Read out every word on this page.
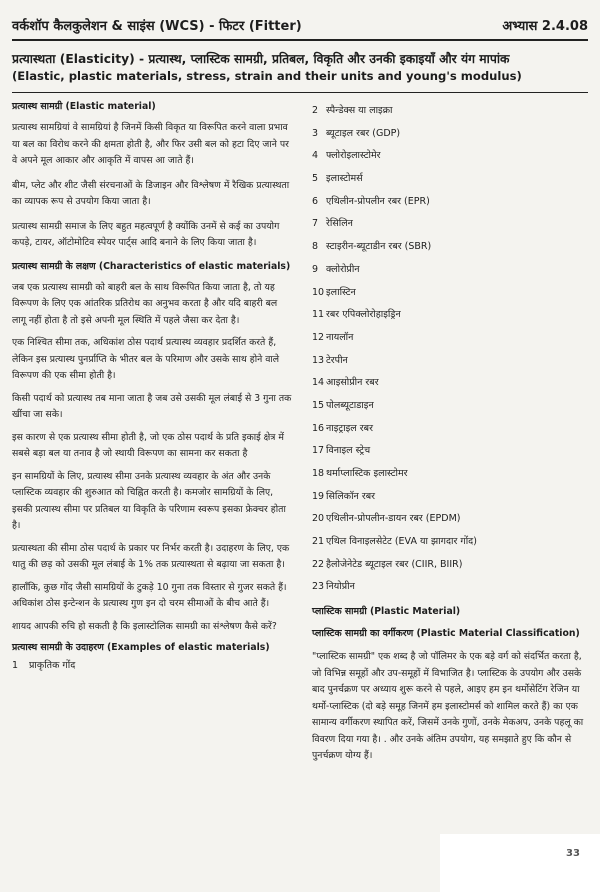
वर्कशॉप कैलकुलेशन & साइंस (WCS) - फिटर (Fitter)	अभ्यास 2.4.08
प्रत्यास्थता (Elasticity) - प्रत्यास्थ, प्लास्टिक सामग्री, प्रतिबल, विकृति और उनकी इकाइयाँ और यंग मापांक
(Elastic, plastic materials, stress, strain and their units and young's modulus)
प्रत्यास्थ सामग्री (Elastic material)
प्रत्यास्थ सामग्रियां वे सामग्रियां है जिनमें किसी विकृत या विरूपित करने वाला प्रभाव या बल का विरोध करने की क्षमता होती है, और फिर उसी बल को हटा दिए जाने पर वे अपने मूल आकार और आकृति में वापस आ जाते हैं।
बीम, प्लेट और शीट जैसी संरचनाओं के डिजाइन और विश्लेषण में रैखिक प्रत्यास्थता का व्यापक रूप से उपयोग किया जाता है।
प्रत्यास्थ सामग्री समाज के लिए बहुत महत्वपूर्ण है क्योंकि उनमें से कई का उपयोग कपड़े, टायर, ऑटोमोटिव स्पेयर पार्ट्स आदि बनाने के लिए किया जाता है।
प्रत्यास्थ सामग्री के लक्षण (Characteristics of elastic materials)
जब एक प्रत्यास्थ सामग्री को बाहरी बल के साथ विरूपित किया जाता है, तो यह विरूपण के लिए एक आंतरिक प्रतिरोध का अनुभव करता है और यदि बाहरी बल लागू नहीं होता है तो इसे अपनी मूल स्थिति में पहले जैसा कर देता है।
एक निश्चित सीमा तक, अधिकांश ठोस पदार्थ प्रत्यास्थ व्यवहार प्रदर्शित करते हैं, लेकिन इस प्रत्यास्थ पुनर्प्राप्ति के भीतर बल के परिमाण और उसके साथ होने वाले विरूपण की एक सीमा होती है।
किसी पदार्थ को प्रत्यास्थ तब माना जाता है जब उसे उसकी मूल लंबाई से 3 गुना तक खींचा जा सके।
इस कारण से एक प्रत्यास्थ सीमा होती है, जो एक ठोस पदार्थ के प्रति इकाई क्षेत्र में सबसे बड़ा बल या तनाव है जो स्थायी विरूपण का सामना कर सकता है
इन सामग्रियों के लिए, प्रत्यास्थ सीमा उनके प्रत्यास्थ व्यवहार के अंत और उनके प्लास्टिक व्यवहार की शुरुआत को चिह्नित करती है। कमजोर सामग्रियों के लिए, इसकी प्रत्यास्थ सीमा पर प्रतिबल या विकृति के परिणाम स्वरूप इसका फ्रेक्चर होता है।
प्रत्यास्थता की सीमा ठोस पदार्थ के प्रकार पर निर्भर करती है। उदाहरण के लिए, एक धातु की छड़ को उसकी मूल लंबाई के 1% तक प्रत्यास्थता से बढ़ाया जा सकता है।
हालाँकि, कुछ गोंद जैसी सामग्रियों के टुकड़े 10 गुना तक विस्तार से गुजर सकते हैं। अधिकांश ठोस इन्टेन्शन के प्रत्यास्थ गुण इन दो चरम सीमाओं के बीच आते हैं।
शायद आपकी रुचि हो सकती है कि इलास्टोलिक सामग्री का संश्लेषण कैसे करें?
प्रत्यास्थ सामग्री के उदाहरण (Examples of elastic materials)
1 प्राकृतिक गोंद
2 स्पैन्डेक्स या लाइक्रा
3 ब्यूटाइल रबर (GDP)
4 फ्लोरोइलास्टोमेर
5 इलास्टोमर्स
6 एथिलीन-प्रोपलीन रबर (EPR)
7 रेसिलिन
8 स्टाइरीन-ब्यूटाडीन रबर (SBR)
9 क्लोरोप्रीन
10 इलास्टिन
11 रबर एपिक्लोरोहाइड्रिन
12 नायलॉन
13 टेरपीन
14 आइसोप्रीन रबर
15 पोलब्यूटाडाइन
16 नाइट्राइल रबर
17 विनाइल स्ट्रेच
18 थर्माप्लास्टिक इलास्टोमर
19 सिलिकॉन रबर
20 एथिलीन-प्रोपलीन-डायन रबर (EPDM)
21 एथिल विनाइलसेटेट (EVA या झागदार गोंद)
22 हैलोजेनेटेड ब्यूटाइल रबर (CIIR, BIIR)
23 नियोप्रीन
प्लास्टिक सामग्री (Plastic Material)
प्लास्टिक सामग्री का वर्गीकरण (Plastic Material Classification)
"प्लास्टिक सामग्री" एक शब्द है जो पॉलिमर के एक बड़े वर्ग को संदर्भित करता है, जो विभिन्न समूहों और उप-समूहों में विभाजित है। प्लास्टिक के उपयोग और उसके बाद पुनर्चक्रण पर अध्याय शुरू करने से पहले, आइए हम इन थर्मोसेटिंग रेजिन या थर्मो-प्लास्टिक (दो बड़े समूह जिनमें हम इलास्टोमर्स को शामिल करते हैं) का एक सामान्य वर्गीकरण स्थापित करें, जिसमें उनके गुणों, उनके मेकअप, उनके पहलू का विवरण दिया गया है। . और उनके अंतिम उपयोग, यह समझाते हुए कि कौन से पुनर्चक्रण योग्य हैं।
33
